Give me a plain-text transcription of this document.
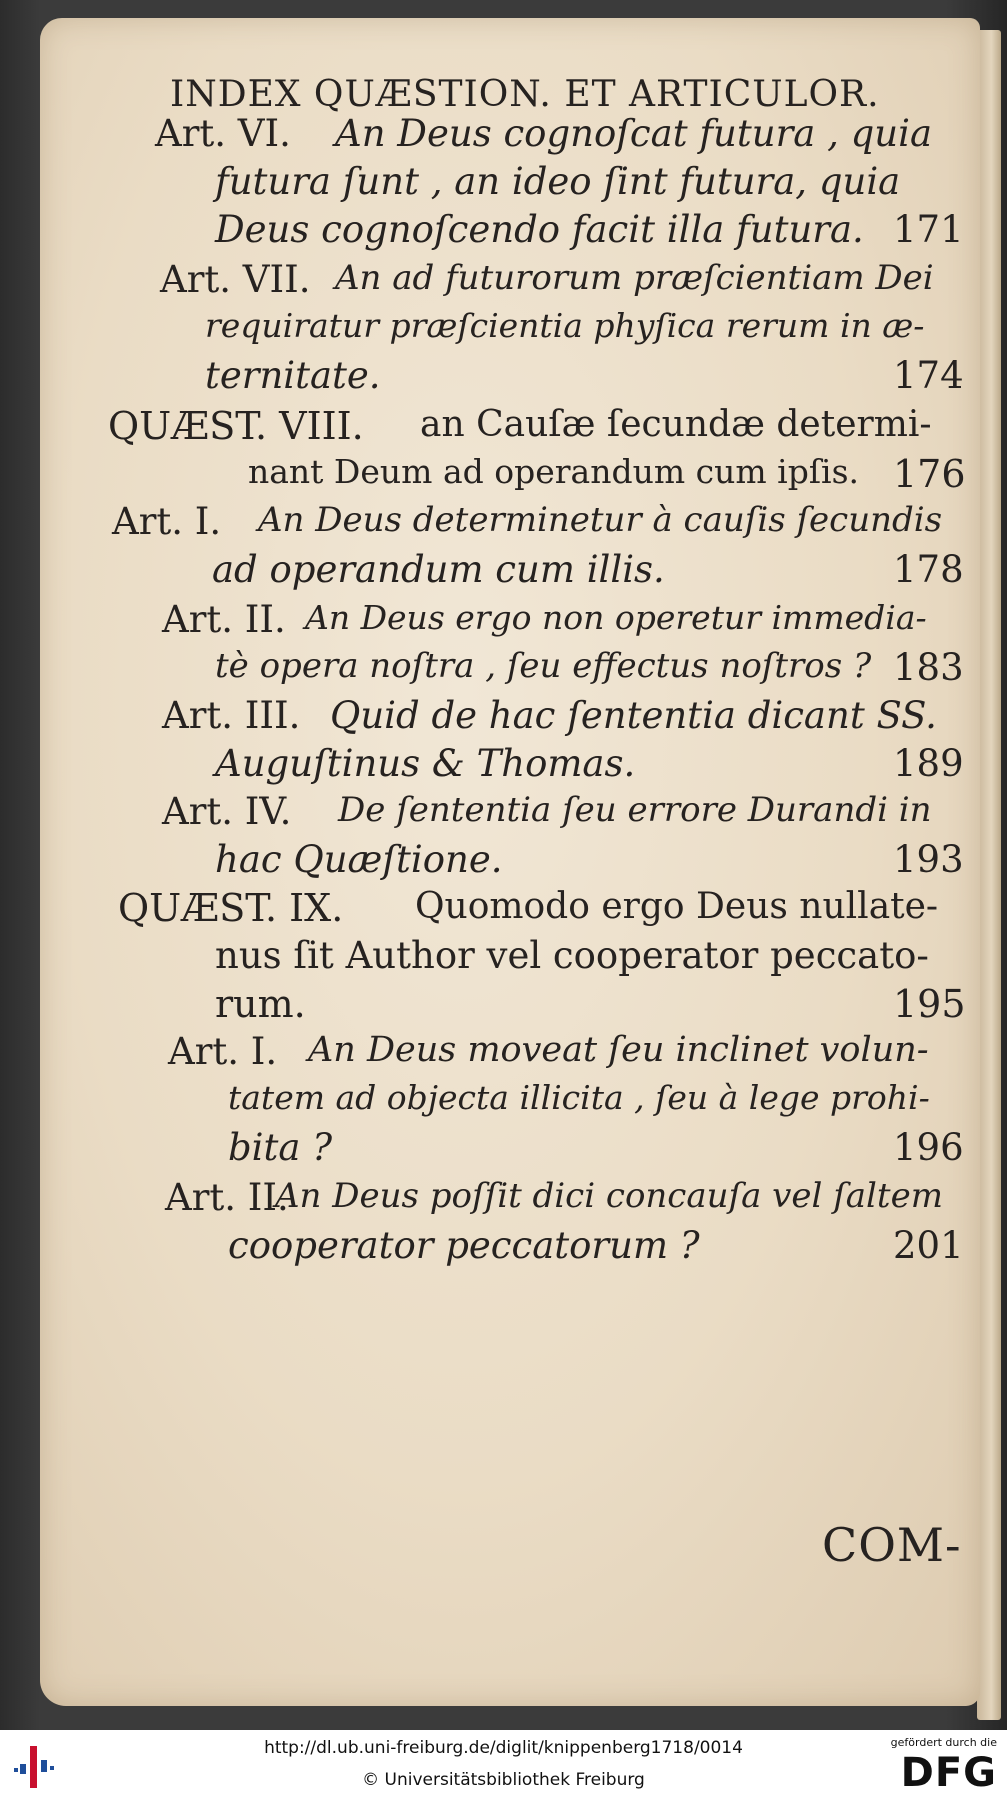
INDEX QUÆSTION. ET ARTICULOR.
Art. VI. An Deus cognoſcat futura , quia
futura ſunt , an ideo ſint futura, quia
Deus cognoſcendo facit illa futura. 171
Art. VII. An ad futurorum præſcientiam Dei
requiratur præſcientia phyſica rerum in æ-
ternitate.	174
QUÆST. VIII. an Cauſæ ſecundæ determi-
nant Deum ad operandum cum ipſis. 176
Art. I. An Deus determinetur à cauſis ſecundis
ad operandum cum illis.	178
Art. II. An Deus ergo non operetur immedia-
tè opera noſtra , ſeu effectus noſtros ? 183
Art. III. Quid de hac ſententia dicant SS.
Auguſtinus & Thomas.	189
Art. IV. De ſententia ſeu errore Durandi in
hac Quæſtione.	193
QUÆST. IX. Quomodo ergo Deus nullate-
nus ſit Author vel cooperator peccato-
rum.	195
Art. I. An Deus moveat ſeu inclinet volun-
tatem ad objecta illicita , ſeu à lege prohi-
bita ?	196
Art. II.
An Deus poſſit dici concauſa vel ſaltem
cooperator peccatorum ?	201
COM-
http://dl.ub.uni-freiburg.de/diglit/knippenberg1718/0014
© Universitätsbibliothek Freiburg
gefördert durch die
DFG
